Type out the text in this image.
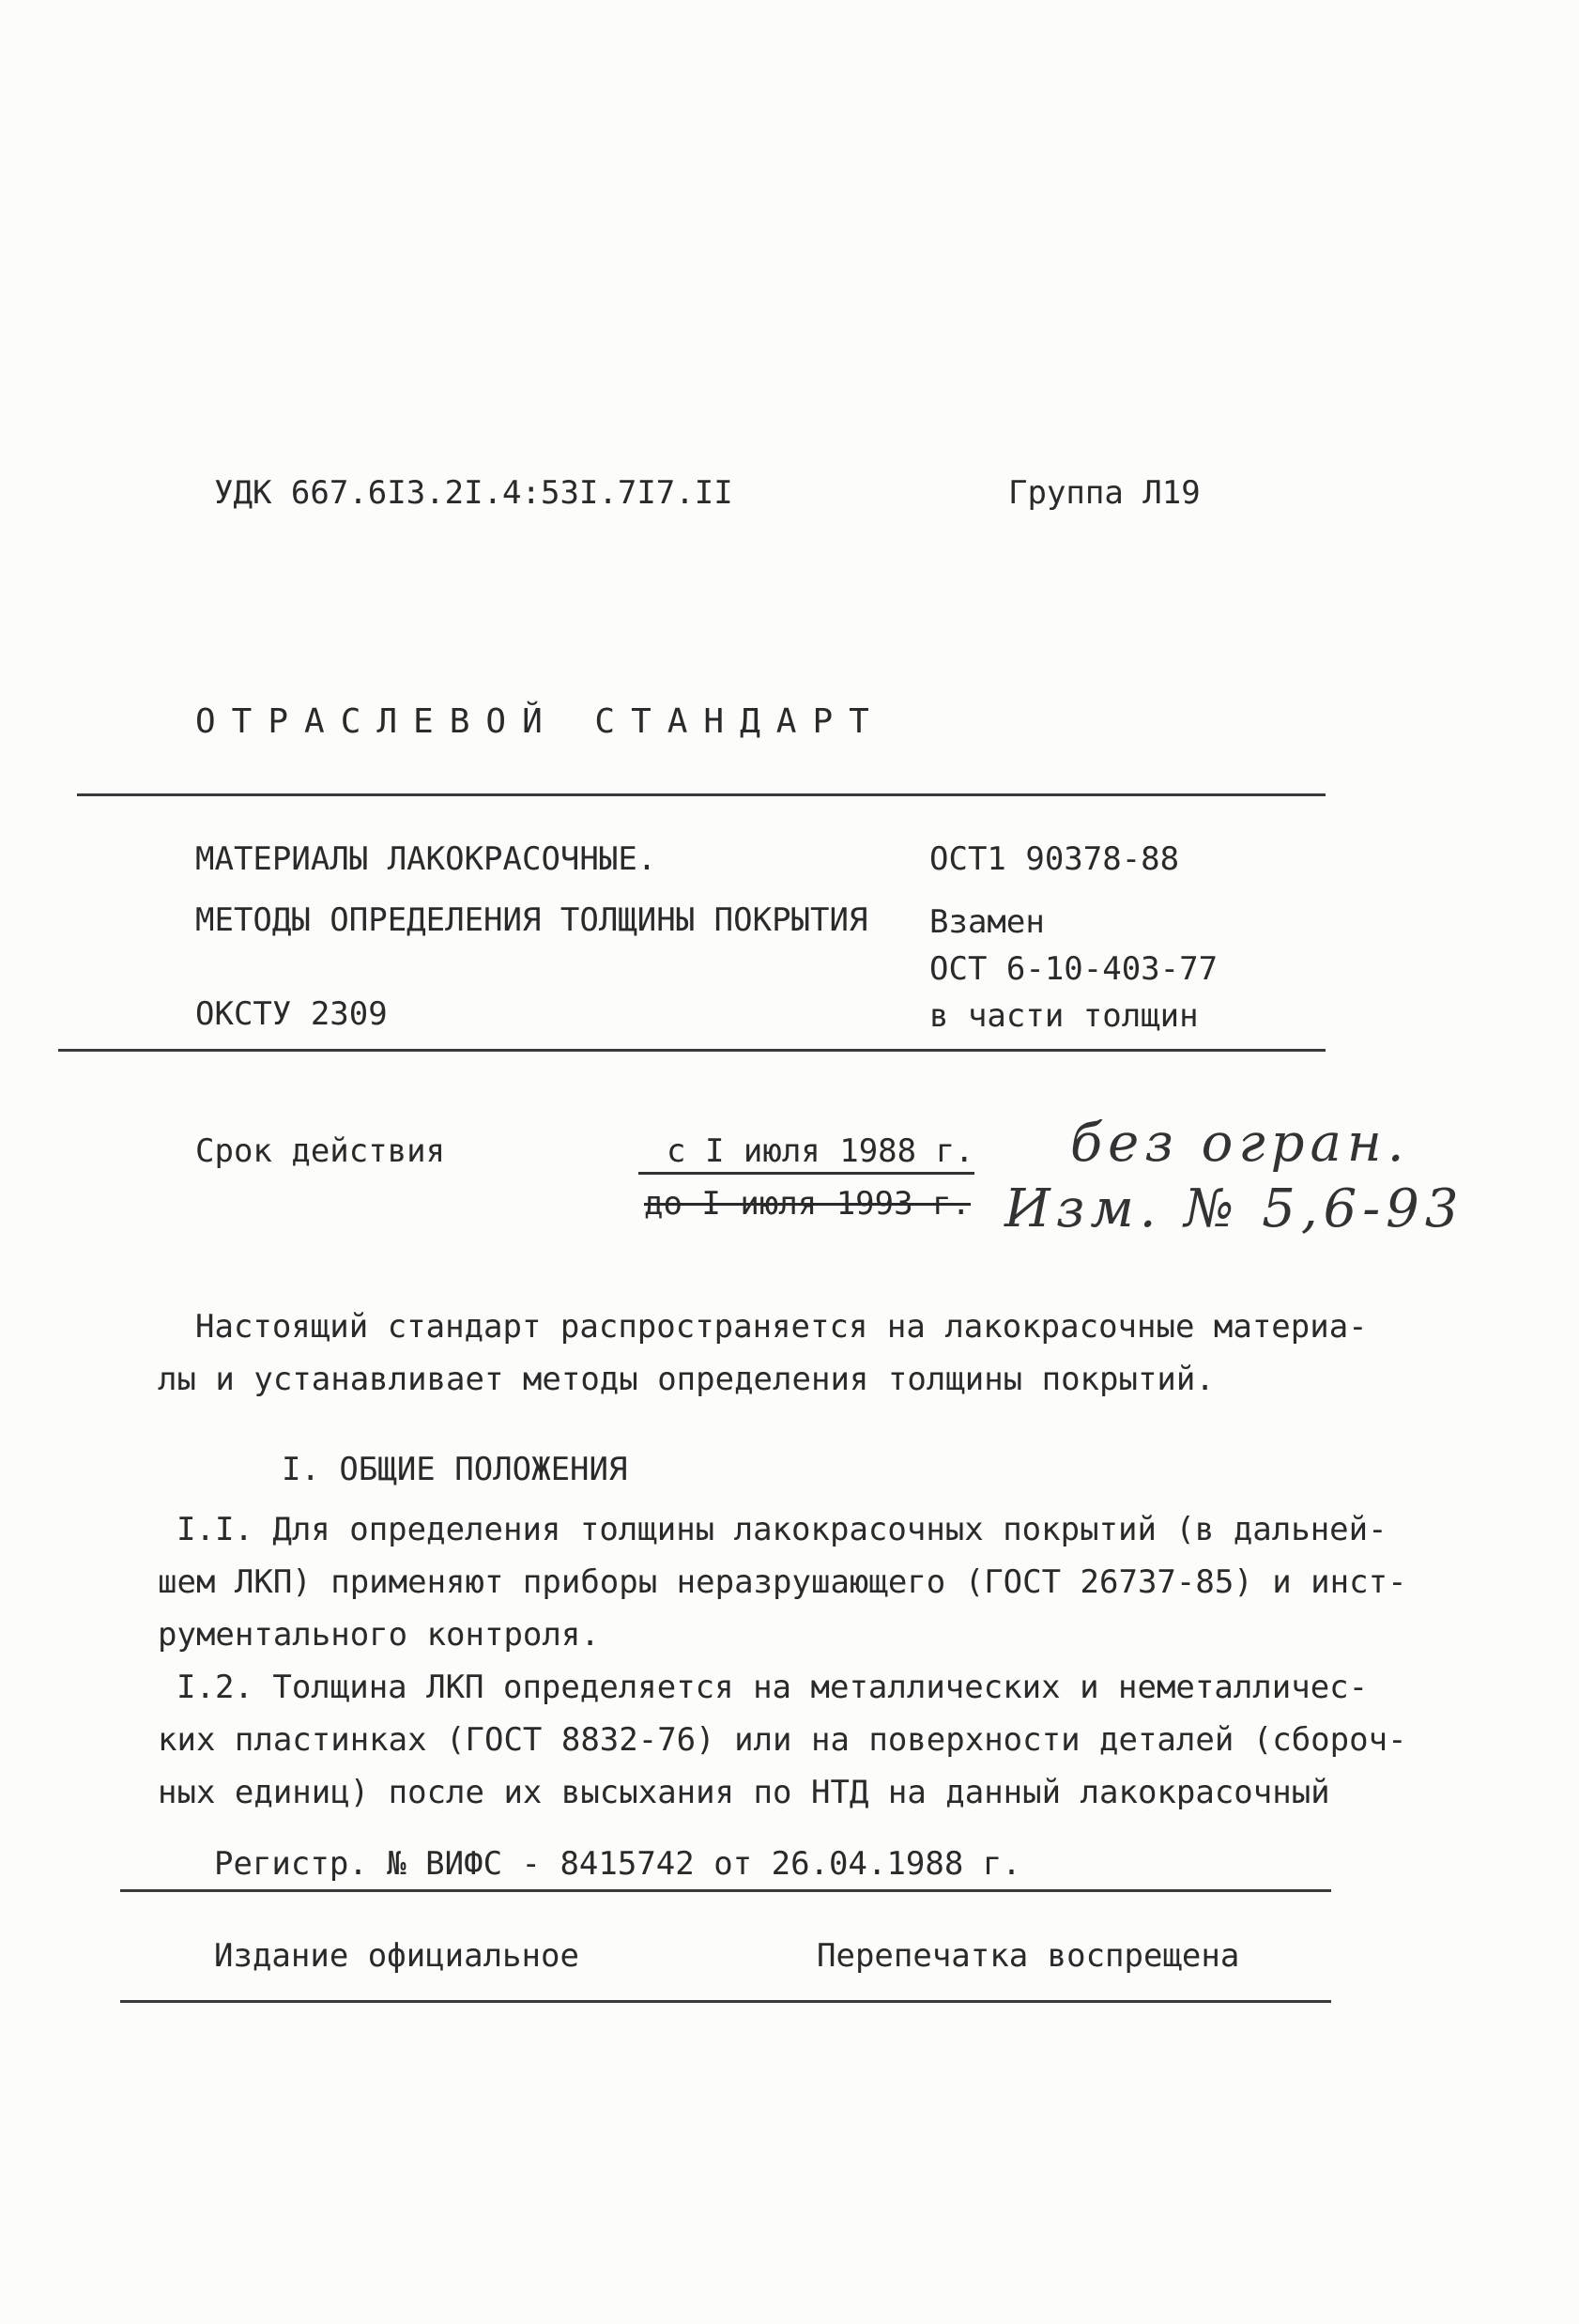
УДК 667.6I3.2I.4:53I.7I7.II	Группа Л19
ОТРАСЛЕВОЙ СТАНДАРТ
МАТЕРИАЛЫ ЛАКОКРАСОЧНЫЕ.
МЕТОДЫ ОПРЕДЕЛЕНИЯ ТОЛЩИНЫ ПОКРЫТИЯ
ОКСТУ 2309
ОСТ1 90378-88
Взамен
ОСТ 6-10-403-77
в части толщин
Срок действия	с I июля 1988 г.
до I июля 1993 г.
без огран.
Изм. № 5,6-93
Настоящий стандарт распространяется на лакокрасочные материа-
лы и устанавливает методы определения толщины покрытий.
I. ОБЩИЕ ПОЛОЖЕНИЯ
I.I. Для определения толщины лакокрасочных покрытий (в дальней-
шем ЛКП) применяют приборы неразрушающего (ГОСТ 26737-85) и инст-
рументального контроля.
I.2. Толщина ЛКП определяется на металлических и неметалличес-
ких пластинках (ГОСТ 8832-76) или на поверхности деталей (сбороч-
ных единиц) после их высыхания по НТД на данный лакокрасочный
Регистр. № ВИФС - 8415742 от 26.04.1988 г.
Издание официальное	Перепечатка воспрещена
